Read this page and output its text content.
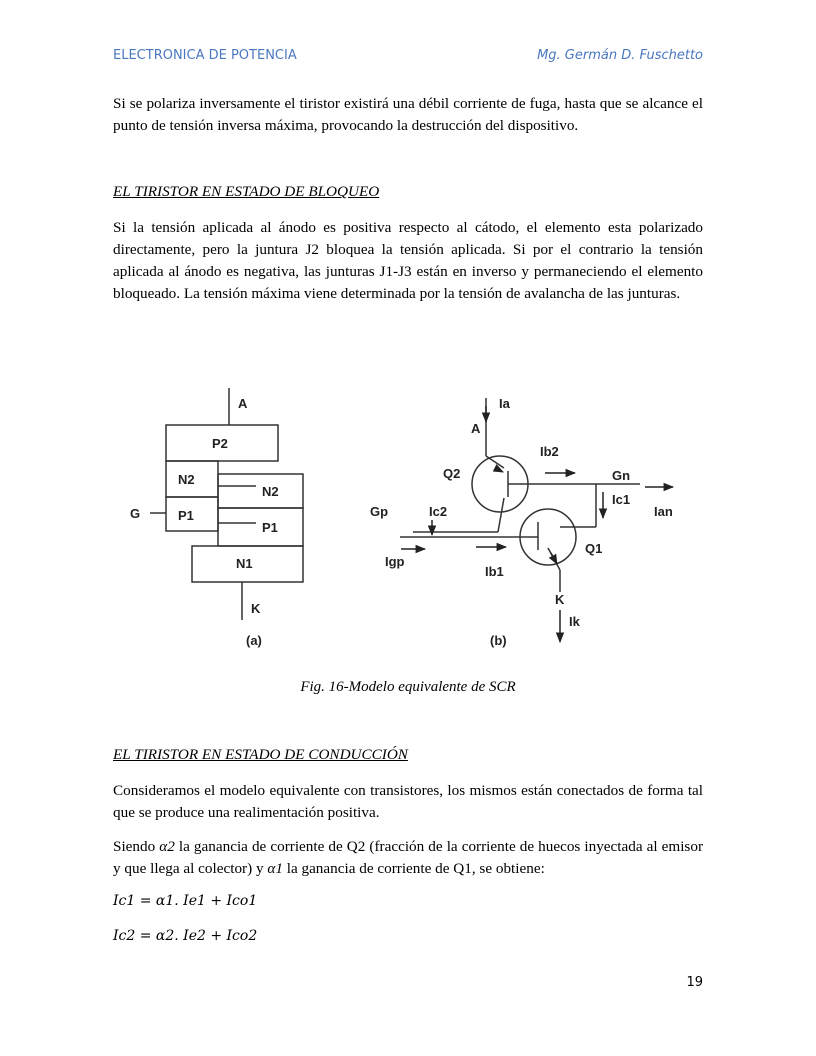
ELECTRONICA DE POTENCIA	Mg. Germán D. Fuschetto
Si se polariza inversamente el tiristor existirá una débil corriente de fuga, hasta que se alcance el punto de tensión inversa máxima, provocando la destrucción del dispositivo.
EL TIRISTOR EN ESTADO DE BLOQUEO
Si la tensión aplicada al ánodo es positiva respecto al cátodo, el elemento esta polarizado directamente, pero la juntura J2 bloquea la tensión aplicada. Si por el contrario la tensión aplicada al ánodo es negativa, las junturas J1-J3 están en inverso y permaneciendo el elemento bloqueado. La tensión máxima viene determinada por la tensión de avalancha de las junturas.
A
P2
N2
P1
N2
P1
N1
G
K
(a)
Ia
A
Ib2
Q2	Gn
Ic1
Ian
Gp	Ic2
Q1
Igp
Ib1
K
Ik
(b)
Fig. 16-Modelo equivalente de SCR
EL TIRISTOR EN ESTADO DE CONDUCCIÓN
Consideramos el modelo equivalente con transistores, los mismos están conectados de forma tal que se produce una realimentación positiva.
Siendo α2 la ganancia de corriente de Q2 (fracción de la corriente de huecos inyectada al emisor y que llega al colector) y α1 la ganancia de corriente de Q1, se obtiene:
Ic1 = α1. Ie1 + Ico1
Ic2 = α2. Ie2 + Ico2
19
